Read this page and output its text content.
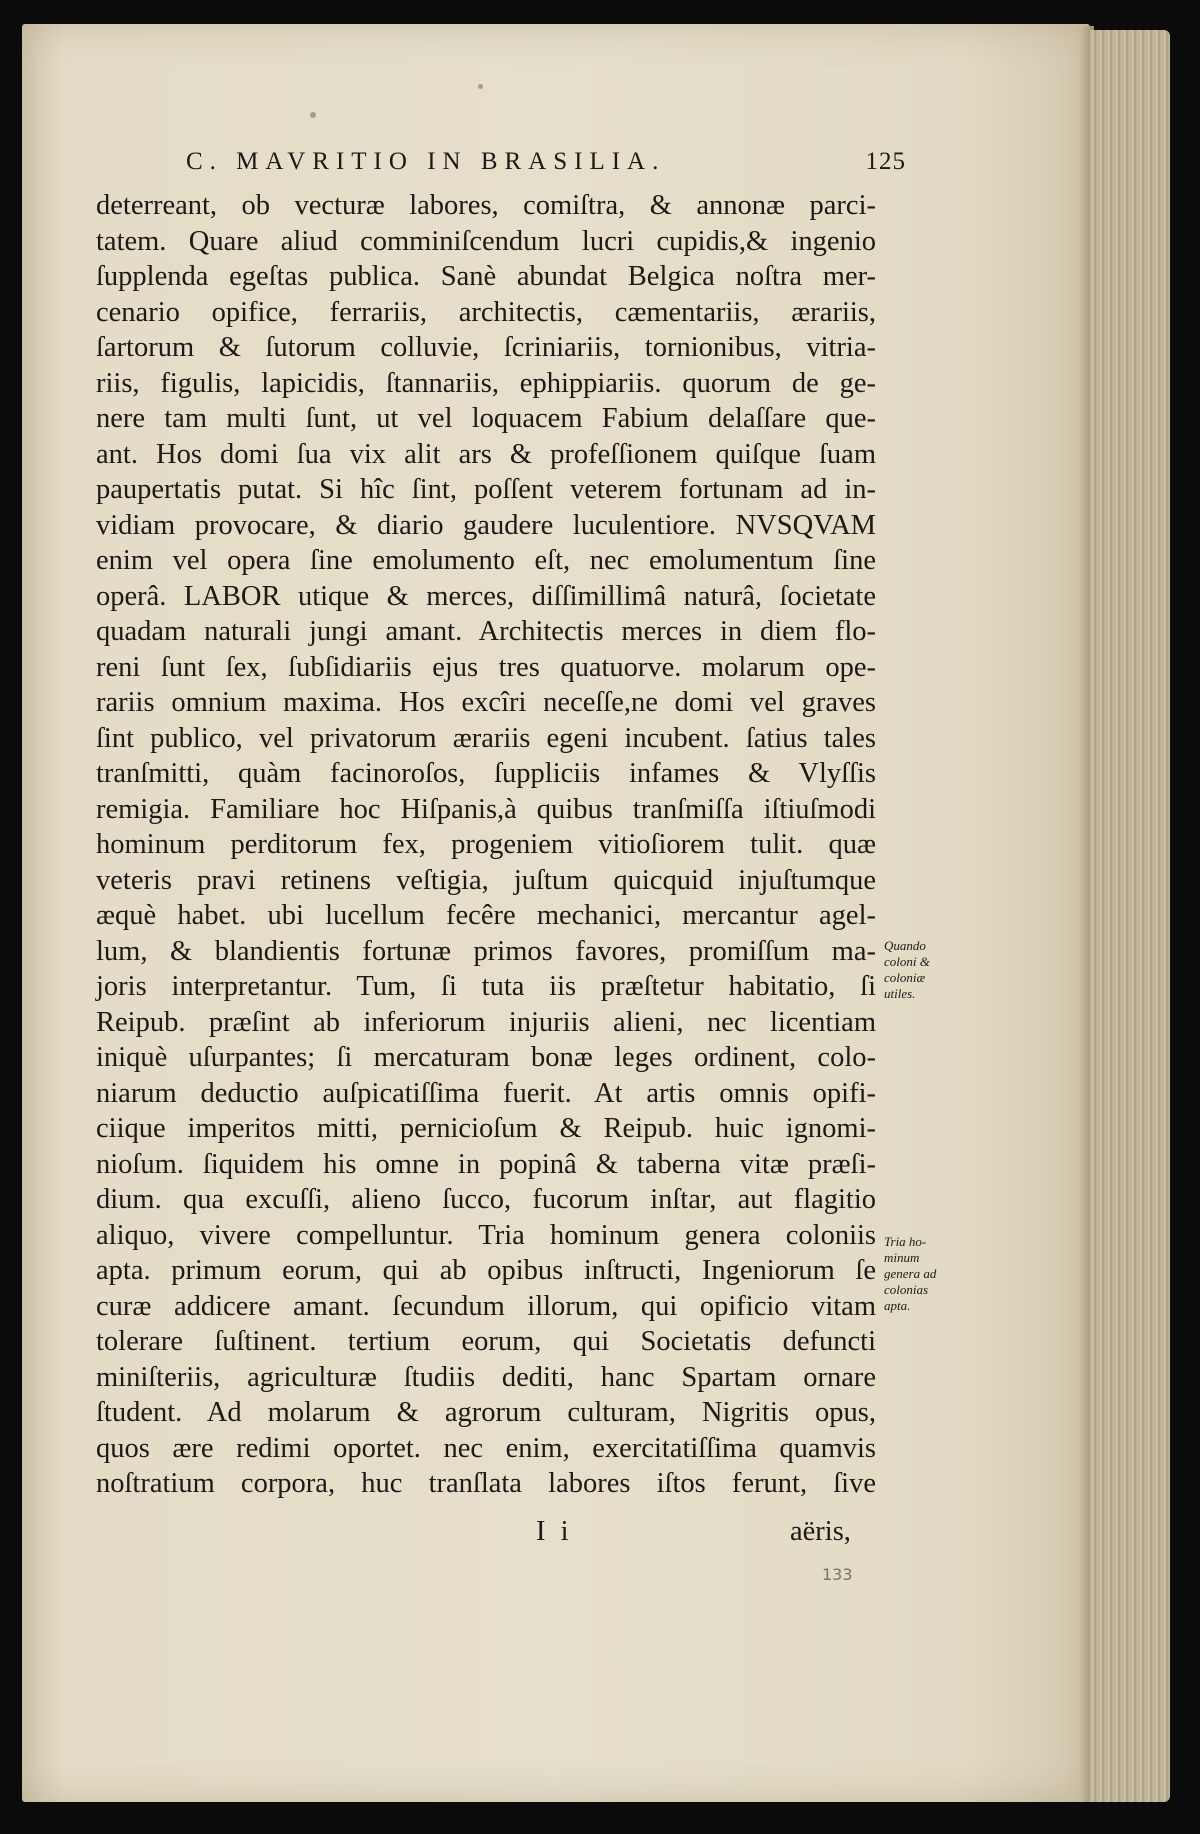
C. MAVRITIO IN BRASILIA.	125
deterreant, ob vecturæ labores, comiſtra, & annonæ parci-
tatem. Quare aliud comminiſcendum lucri cupidis,& ingenio
ſupplenda egeſtas publica. Sanè abundat Belgica noſtra mer-
cenario opifice, ferrariis, architectis, cæmentariis, ærariis,
ſartorum & ſutorum colluvie, ſcriniariis, tornionibus, vitria-
riis, figulis, lapicidis, ſtannariis, ephippiariis. quorum de ge-
nere tam multi ſunt, ut vel loquacem Fabium delaſſare que-
ant. Hos domi ſua vix alit ars & profeſſionem quiſque ſuam
paupertatis putat. Si hîc ſint, poſſent veterem fortunam ad in-
vidiam provocare, & diario gaudere luculentiore. NVSQVAM
enim vel opera ſine emolumento eſt, nec emolumentum ſine
operâ. LABOR utique & merces, diſſimillimâ naturâ, ſocietate
quadam naturali jungi amant. Architectis merces in diem flo-
reni ſunt ſex, ſubſidiariis ejus tres quatuorve. molarum ope-
rariis omnium maxima. Hos excîri neceſſe,ne domi vel graves
ſint publico, vel privatorum ærariis egeni incubent. ſatius tales
tranſmitti, quàm facinoroſos, ſuppliciis infames & Vlyſſis
remigia. Familiare hoc Hiſpanis,à quibus tranſmiſſa iſtiuſmodi
hominum perditorum fex, progeniem vitioſiorem tulit. quæ
veteris pravi retinens veſtigia, juſtum quicquid injuſtumque
æquè habet. ubi lucellum fecêre mechanici, mercantur agel-
lum, & blandientis fortunæ primos favores, promiſſum ma-
joris interpretantur. Tum, ſi tuta iis præſtetur habitatio, ſi
Reipub. præſint ab inferiorum injuriis alieni, nec licentiam
iniquè uſurpantes; ſi mercaturam bonæ leges ordinent, colo-
niarum deductio auſpicatiſſima fuerit. At artis omnis opifi-
ciique imperitos mitti, pernicioſum & Reipub. huic ignomi-
nioſum. ſiquidem his omne in popinâ & taberna vitæ præſi-
dium. qua excuſſi, alieno ſucco, fucorum inſtar, aut flagitio
aliquo, vivere compelluntur. Tria hominum genera coloniis
apta. primum eorum, qui ab opibus inſtructi, Ingeniorum ſe
curæ addicere amant. ſecundum illorum, qui opificio vitam
tolerare ſuſtinent. tertium eorum, qui Societatis defuncti
miniſteriis, agriculturæ ſtudiis dediti, hanc Spartam ornare
ſtudent. Ad molarum & agrorum culturam, Nigritis opus,
quos ære redimi oportet. nec enim, exercitatiſſima quamvis
noſtratium corpora, huc tranſlata labores iſtos ferunt, ſive
Quando
coloni &
coloniæ
utiles.
Tria ho-
minum
genera ad
colonias
apta.
I i	aëris,
133
